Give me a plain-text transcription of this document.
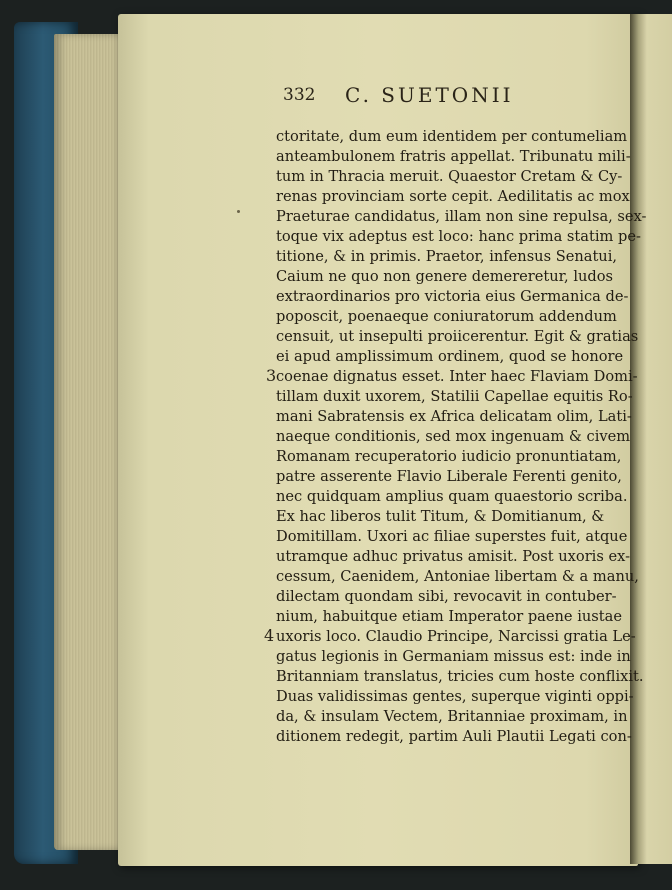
332 C. SUETONII
ctoritate, dum eum identidem per contumeliam
anteambulonem fratris appellat. Tribunatu mili-
tum in Thracia meruit. Quaestor Cretam & Cy-
renas provinciam sorte cepit. Aedilitatis ac mox
Praeturae candidatus, illam non sine repulsa, sex-
toque vix adeptus est loco: hanc prima statim pe-
titione, & in primis. Praetor, infensus Senatui,
Caium ne quo non genere demereretur, ludos
extraordinarios pro victoria eius Germanica de-
poposcit, poenaeque coniuratorum addendum
censuit, ut insepulti proiicerentur. Egit & gratias
ei apud amplissimum ordinem, quod se honore
coenae dignatus esset. Inter haec Flaviam Domi-
tillam duxit uxorem, Statilii Capellae equitis Ro-
mani Sabratensis ex Africa delicatam olim, Lati-
naeque conditionis, sed mox ingenuam & civem
Romanam recuperatorio iudicio pronuntiatam,
patre asserente Flavio Liberale Ferenti genito,
nec quidquam amplius quam quaestorio scriba.
Ex hac liberos tulit Titum, & Domitianum, &
Domitillam. Uxori ac filiae superstes fuit, atque
utramque adhuc privatus amisit. Post uxoris ex-
cessum, Caenidem, Antoniae libertam & a manu,
dilectam quondam sibi, revocavit in contuber-
nium, habuitque etiam Imperator paene iustae
uxoris loco. Claudio Principe, Narcissi gratia Le-
gatus legionis in Germaniam missus est: inde in
Britanniam translatus, tricies cum hoste conflixit.
Duas validissimas gentes, superque viginti oppi-
da, & insulam Vectem, Britanniae proximam, in
ditionem redegit, partim Auli Plautii Legati con-
3
4
